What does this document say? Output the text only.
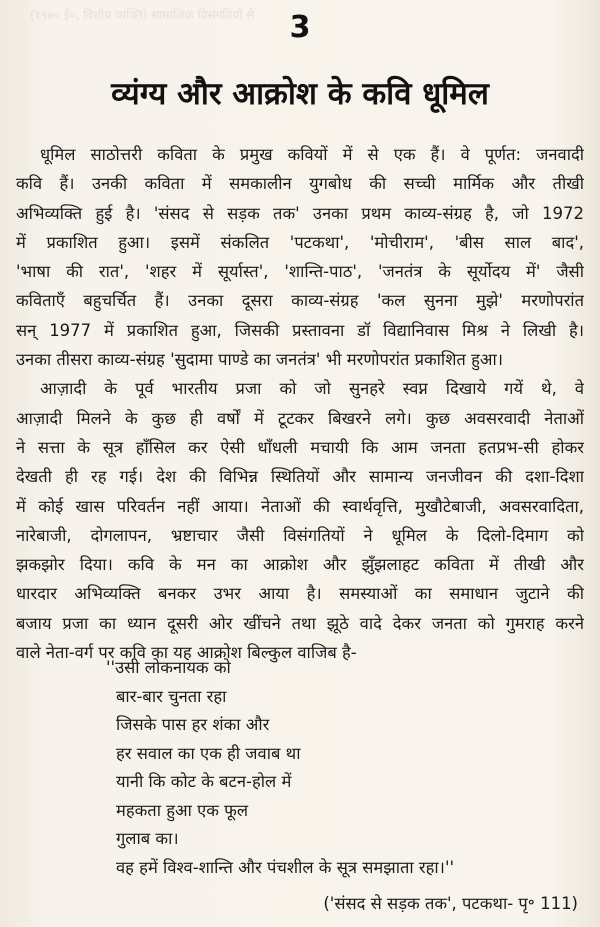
(१९७० ई०, वित्तीय व्यक्ति) सामाजिक विसंगतियों से	3
व्यंग्य और आक्रोश के कवि धूमिल
धूमिल साठोत्तरी कविता के प्रमुख कवियों में से एक हैं। वे पूर्णत: जनवादी
कवि हैं। उनकी कविता में समकालीन युगबोध की सच्ची मार्मिक और तीखी
अभिव्यक्ति हुई है। 'संसद से सड़क तक' उनका प्रथम काव्य-संग्रह है, जो 1972
में प्रकाशित हुआ। इसमें संकलित 'पटकथा', 'मोचीराम', 'बीस साल बाद',
'भाषा की रात', 'शहर में सूर्यास्त', 'शान्ति-पाठ', 'जनतंत्र के सूर्योदय में' जैसी
कविताएँ बहुचर्चित हैं। उनका दूसरा काव्य-संग्रह 'कल सुनना मुझे' मरणोपरांत
सन् 1977 में प्रकाशित हुआ, जिसकी प्रस्तावना डॉ विद्यानिवास मिश्र ने लिखी है।
उनका तीसरा काव्य-संग्रह 'सुदामा पाण्डे का जनतंत्र' भी मरणोपरांत प्रकाशित हुआ।
आज़ादी के पूर्व भारतीय प्रजा को जो सुनहरे स्वप्न दिखाये गयें थे, वे
आज़ादी मिलने के कुछ ही वर्षों में टूटकर बिखरने लगे। कुछ अवसरवादी नेताओं
ने सत्ता के सूत्र हाँसिल कर ऐसी धाँधली मचायी कि आम जनता हतप्रभ-सी होकर
देखती ही रह गई। देश की विभिन्न स्थितियों और सामान्य जनजीवन की दशा-दिशा
में कोई खास परिवर्तन नहीं आया। नेताओं की स्वार्थवृत्ति, मुखौटेबाजी, अवसरवादिता,
नारेबाजी, दोगलापन, भ्रष्टाचार जैसी विसंगतियों ने धूमिल के दिलो-दिमाग को
झकझोर दिया। कवि के मन का आक्रोश और झुँझलाहट कविता में तीखी और
धारदार अभिव्यक्ति बनकर उभर आया है। समस्याओं का समाधान जुटाने की
बजाय प्रजा का ध्यान दूसरी ओर खींचने तथा झूठे वादे देकर जनता को गुमराह करने
वाले नेता-वर्ग पर कवि का यह आक्रोश बिल्कुल वाजिब है-
''उसी लोकनायक को
बार-बार चुनता रहा
जिसके पास हर शंका और
हर सवाल का एक ही जवाब था
यानी कि कोट के बटन-होल में
महकता हुआ एक फूल
गुलाब का।
वह हमें विश्व-शान्ति और पंचशील के सूत्र समझाता रहा।''
('संसद से सड़क तक', पटकथा- पृ॰ 111)
